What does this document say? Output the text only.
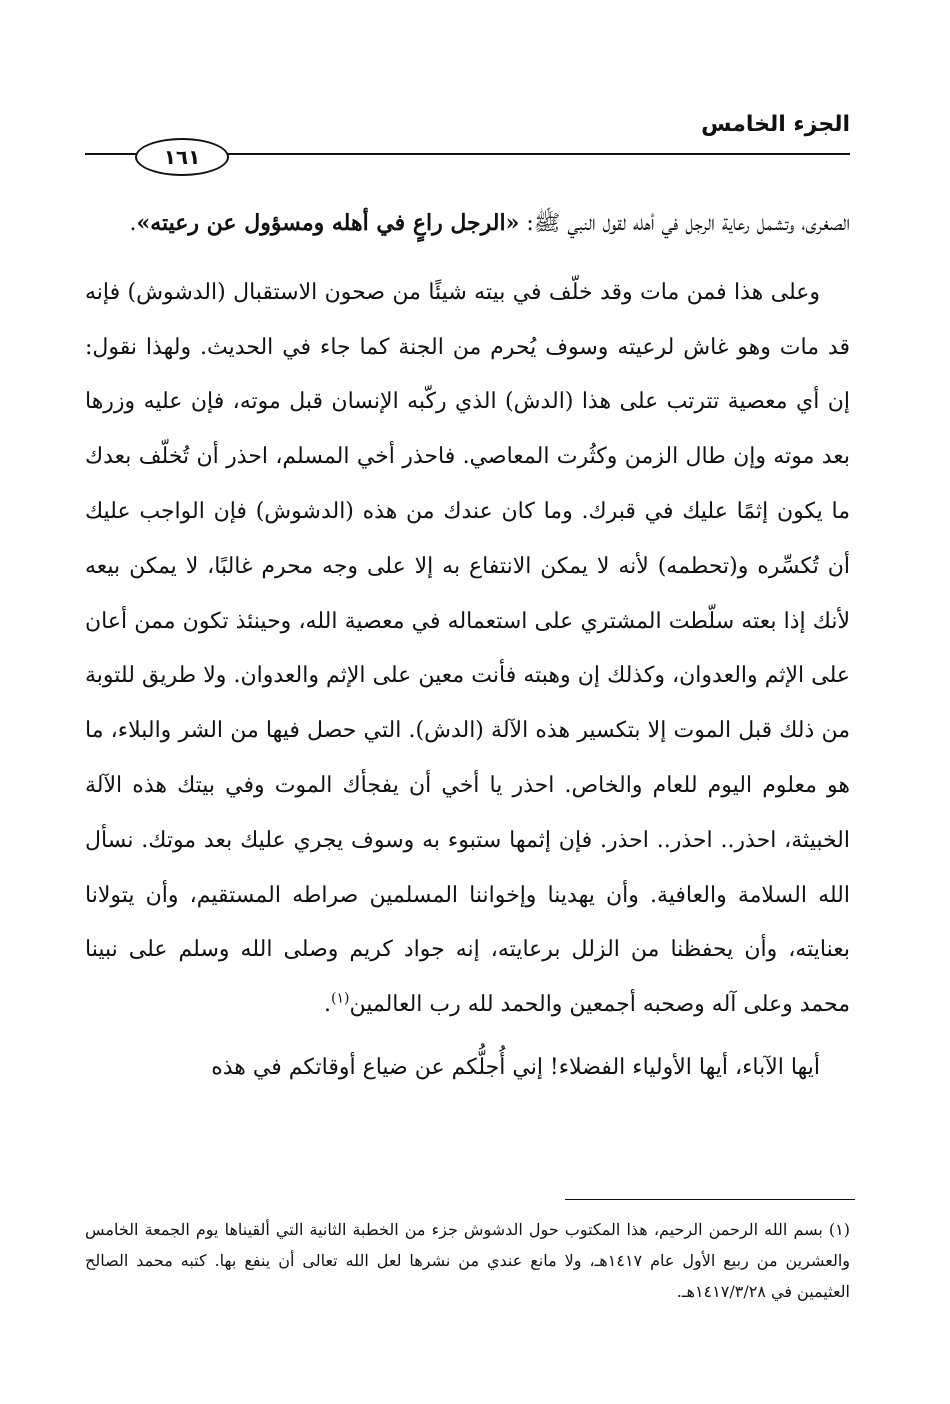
الجزء الخامس
١٦١

الصغرى، وتشمل رعاية الرجل في أهله لقول النبي ﷺ: «الرجل راعٍ في أهله ومسؤول عن رعيته».

وعلى هذا فمن مات وقد خلّف في بيته شيئًا من صحون الاستقبال (الدشوش) فإنه قد مات وهو غاش لرعيته وسوف يُحرم من الجنة كما جاء في الحديث. ولهذا نقول: إن أي معصية تترتب على هذا (الدش) الذي ركّبه الإنسان قبل موته، فإن عليه وزرها بعد موته وإن طال الزمن وكثُرت المعاصي. فاحذر أخي المسلم، احذر أن تُخلّف بعدك ما يكون إثمًا عليك في قبرك. وما كان عندك من هذه (الدشوش) فإن الواجب عليك أن تُكسِّره و(تحطمه) لأنه لا يمكن الانتفاع به إلا على وجه محرم غالبًا، لا يمكن بيعه لأنك إذا بعته سلّطت المشتري على استعماله في معصية الله، وحينئذ تكون ممن أعان على الإثم والعدوان، وكذلك إن وهبته فأنت معين على الإثم والعدوان. ولا طريق للتوبة من ذلك قبل الموت إلا بتكسير هذه الآلة (الدش). التي حصل فيها من الشر والبلاء، ما هو معلوم اليوم للعام والخاص. احذر يا أخي أن يفجأك الموت وفي بيتك هذه الآلة الخبيثة، احذر.. احذر.. احذر. فإن إثمها ستبوء به وسوف يجري عليك بعد موتك. نسأل الله السلامة والعافية. وأن يهدينا وإخواننا المسلمين صراطه المستقيم، وأن يتولانا بعنايته، وأن يحفظنا من الزلل برعايته، إنه جواد كريم وصلى الله وسلم على نبينا محمد وعلى آله وصحبه أجمعين والحمد لله رب العالمين$^{(١)}$.

أيها الآباء، أيها الأولياء الفضلاء! إني أُجلُّكم عن ضياع أوقاتكم في هذه

(١) بسم الله الرحمن الرحيم، هذا المكتوب حول الدشوش جزء من الخطبة الثانية التي ألقيناها يوم الجمعة الخامس والعشرين من ربيع الأول عام ١٤١٧هـ، ولا مانع عندي من نشرها لعل الله تعالى أن ينفع بها. كتبه محمد الصالح العثيمين في ١٤١٧/٣/٢٨هـ.
